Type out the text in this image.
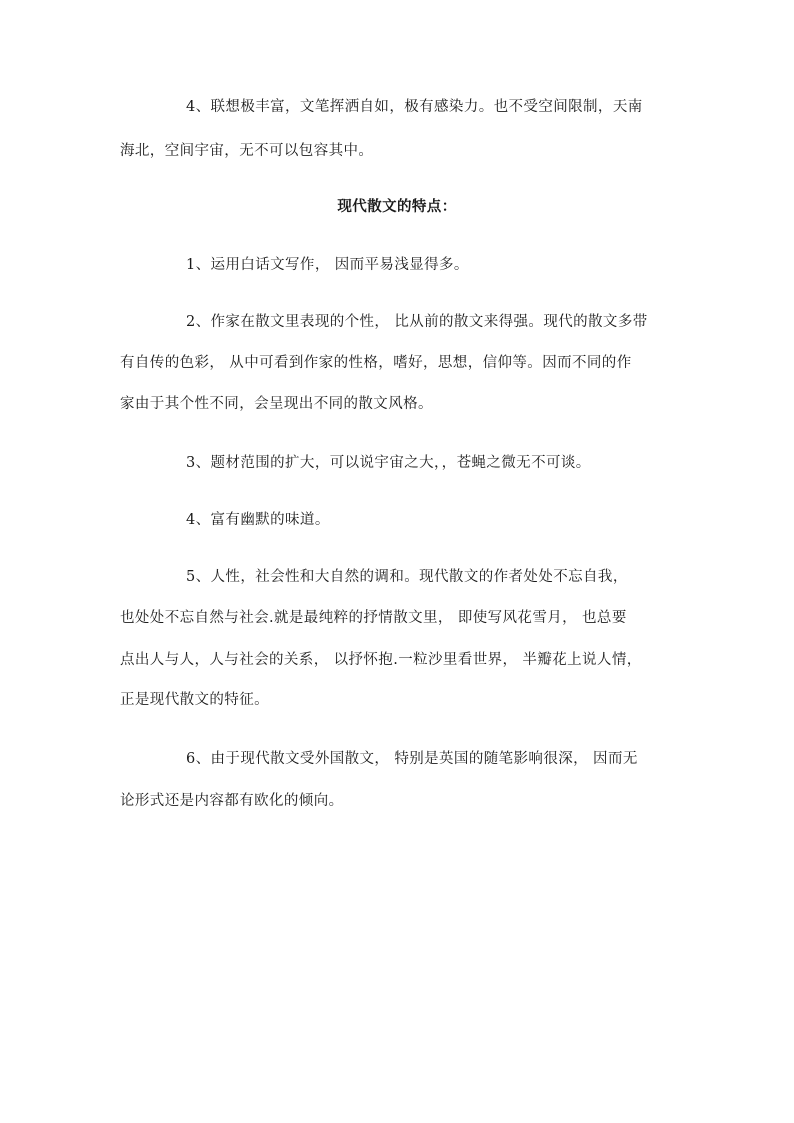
4、联想极丰富，文笔挥洒自如，极有感染力。也不受空间限制，天南
海北，空间宇宙，无不可以包容其中。
现代散文的特点：
1、运用白话文写作， 因而平易浅显得多。
2、作家在散文里表现的个性， 比从前的散文来得强。现代的散文多带
有自传的色彩， 从中可看到作家的性格，嗜好，思想，信仰等。因而不同的作
家由于其个性不同，会呈现出不同的散文风格。
3、题材范围的扩大，可以说宇宙之大，，苍蝇之微无不可谈。
4、富有幽默的味道。
5、人性，社会性和大自然的调和。现代散文的作者处处不忘自我，
也处处不忘自然与社会.就是最纯粹的抒情散文里， 即使写风花雪月， 也总要
点出人与人，人与社会的关系， 以抒怀抱.一粒沙里看世界， 半瓣花上说人情，
正是现代散文的特征。
6、由于现代散文受外国散文， 特别是英国的随笔影响很深， 因而无
论形式还是内容都有欧化的倾向。
